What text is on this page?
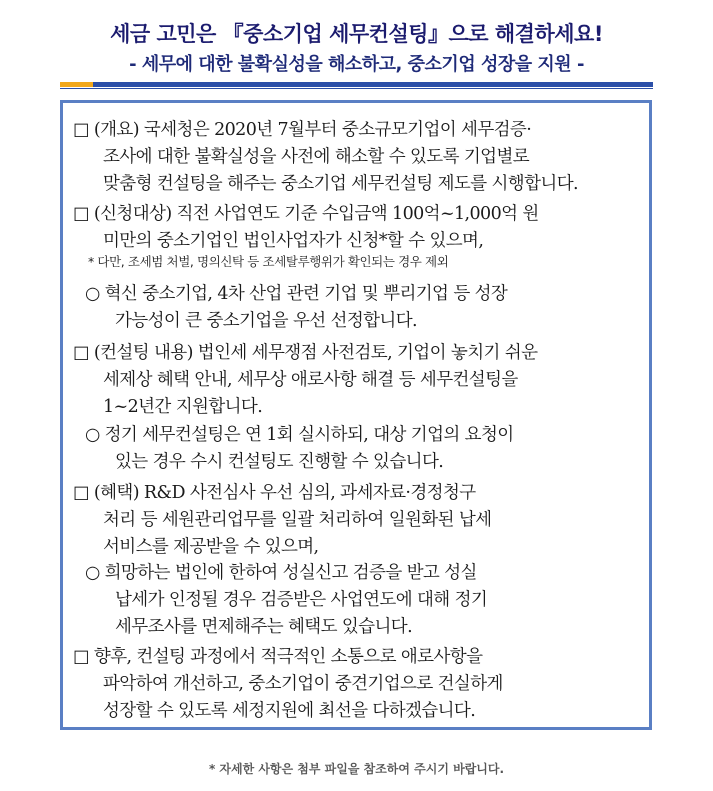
세금 고민은 『중소기업 세무컨설팅』으로 해결하세요!
- 세무에 대한 불확실성을 해소하고, 중소기업 성장을 지원 -
□ (개요) 국세청은 2020년 7월부터 중소규모기업이 세무검증·
조사에 대한 불확실성을 사전에 해소할 수 있도록 기업별로
맞춤형 컨설팅을 해주는 중소기업 세무컨설팅 제도를 시행합니다.
□ (신청대상) 직전 사업연도 기준 수입금액 100억~1,000억 원
미만의 중소기업인 법인사업자가 신청*할 수 있으며,
* 다만, 조세범 처벌, 명의신탁 등 조세탈루행위가 확인되는 경우 제외
○ 혁신 중소기업, 4차 산업 관련 기업 및 뿌리기업 등 성장
가능성이 큰 중소기업을 우선 선정합니다.
□ (컨설팅 내용) 법인세 세무쟁점 사전검토, 기업이 놓치기 쉬운
세제상 혜택 안내, 세무상 애로사항 해결 등 세무컨설팅을
1~2년간 지원합니다.
○ 정기 세무컨설팅은 연 1회 실시하되, 대상 기업의 요청이
있는 경우 수시 컨설팅도 진행할 수 있습니다.
□ (혜택) R&D 사전심사 우선 심의, 과세자료·경정청구
처리 등 세원관리업무를 일괄 처리하여 일원화된 납세
서비스를 제공받을 수 있으며,
○ 희망하는 법인에 한하여 성실신고 검증을 받고 성실
납세가 인정될 경우 검증받은 사업연도에 대해 정기
세무조사를 면제해주는 혜택도 있습니다.
□ 향후, 컨설팅 과정에서 적극적인 소통으로 애로사항을
파악하여 개선하고, 중소기업이 중견기업으로 건실하게
성장할 수 있도록 세정지원에 최선을 다하겠습니다.
* 자세한 사항은 첨부 파일을 참조하여 주시기 바랍니다.
